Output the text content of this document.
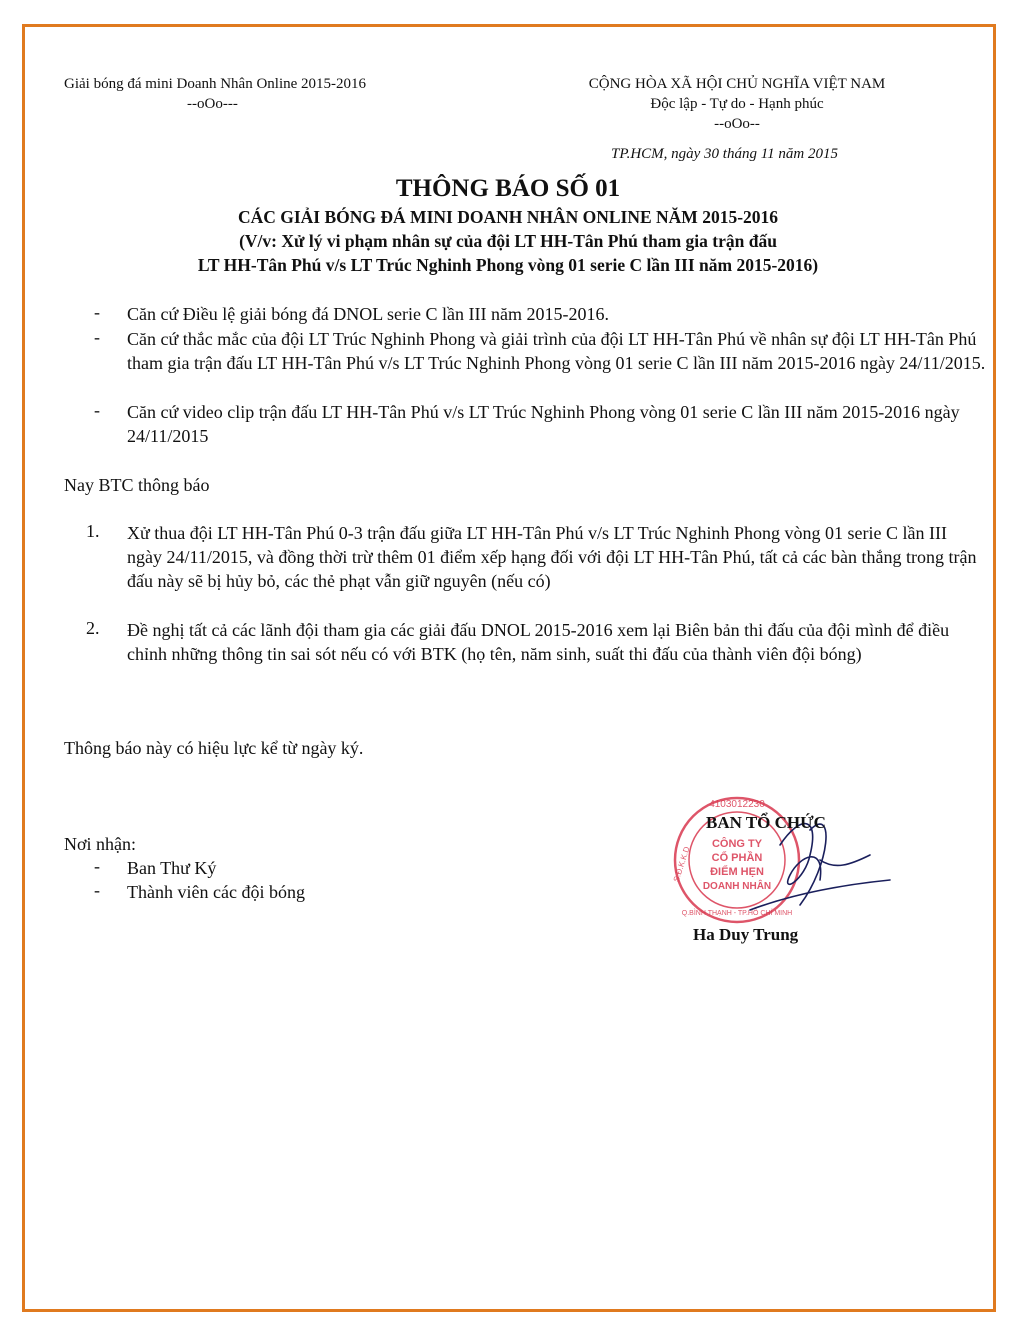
Giải bóng đá mini Doanh Nhân Online 2015-2016
--oOo---
CỘNG HÒA XÃ HỘI CHỦ NGHĨA VIỆT NAM
Độc lập - Tự do - Hạnh phúc
--oOo--
TP.HCM, ngày 30 tháng 11 năm 2015
THÔNG BÁO SỐ 01
CÁC GIẢI BÓNG ĐÁ MINI DOANH NHÂN ONLINE NĂM 2015-2016
(V/v: Xử lý vi phạm nhân sự của đội LT HH-Tân Phú tham gia trận đấu
LT HH-Tân Phú v/s LT Trúc Nghinh Phong vòng 01 serie C lần III năm 2015-2016)
- Căn cứ Điều lệ giải bóng đá DNOL serie C lần III năm 2015-2016.
- Căn cứ thắc mắc của đội LT Trúc Nghinh Phong và giải trình của đội LT HH-Tân Phú về nhân sự đội LT HH-Tân Phú tham gia trận đấu LT HH-Tân Phú v/s LT Trúc Nghinh Phong vòng 01 serie C lần III năm 2015-2016 ngày 24/11/2015.
- Căn cứ video clip trận đấu LT HH-Tân Phú v/s LT Trúc Nghinh Phong vòng 01 serie C lần III năm 2015-2016 ngày 24/11/2015
Nay BTC thông báo
1. Xử thua đội LT HH-Tân Phú 0-3 trận đấu giữa LT HH-Tân Phú v/s LT Trúc Nghinh Phong vòng 01 serie C lần III ngày 24/11/2015, và đồng thời trừ thêm 01 điểm xếp hạng đối với đội LT HH-Tân Phú, tất cả các bàn thắng trong trận đấu này sẽ bị hủy bỏ, các thẻ phạt vẫn giữ nguyên (nếu có)
2. Đề nghị tất cả các lãnh đội tham gia các giải đấu DNOL 2015-2016 xem lại Biên bản thi đấu của đội mình để điều chỉnh những thông tin sai sót nếu có với BTK (họ tên, năm sinh, suất thi đấu của thành viên đội bóng)
Thông báo này có hiệu lực kể từ ngày ký.
Nơi nhận:
- Ban Thư Ký
- Thành viên các đội bóng
4103012230
CÔNG TY
CỔ PHẦN
ĐIỂM HẸN
DOANH NHÂN
S.Đ.K.K.D
Q.BÌNH THẠNH - TP.HỒ CHÍ MINH
BAN TỔ CHỨC
Ha Duy Trung
